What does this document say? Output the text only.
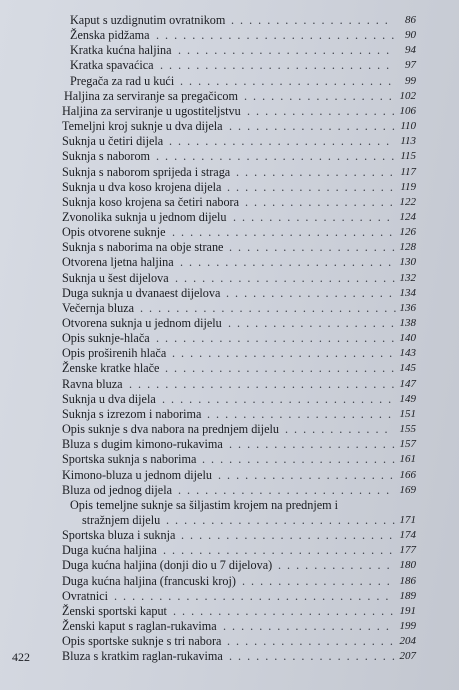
Kaput s uzdignutim ovratnikom ..................	86
Ženska pidžama ........................... 90
Kratka kućna haljina ........................ 94
Kratka spavaćica .......................... 97
Pregača za rad u kući ........................ 99
Haljina za serviranje sa pregačicom ................. 102
Haljina za serviranje u ugostiteljstvu .................
106
Temeljni kroj suknje u dva dijela ................... 110
Suknja u četiri dijela ......................... 113
Suknja s naborom ........................... 115
Suknja s naborom sprijeda i straga .................. 117
Suknja u dva koso krojena dijela ................... 119
Suknja koso krojena sa četiri nabora ................. 122
Zvonolika suknja u jednom dijelu .................. 124
Opis otvorene suknje ......................... 126
Suknja s naborima na obje strane ...................
128
Otvorena ljetna haljina ........................ 130
Suknja u šest dijelova .........................
132
Duga suknja u dvanaest dijelova ................... 134
Večernja bluza .............................
136
Otvorena suknja u jednom dijelu ................... 138
Opis suknje-hlača ........................... 140
Opis proširenih hlača ......................... 143
Ženske kratke hlače .......................... 145
Ravna bluza .............................. 147
Suknja u dva dijela .......................... 149
Suknja s izrezom i naborima ..................... 151
Opis suknje s dva nabora na prednjem dijelu ............ 155
Bluza s dugim kimono-rukavima ...................
157
Sportska suknja s naborima ......................
161
Kimono-bluza u jednom dijelu .................... 166
Bluza od jednog dijela ........................ 169
Opis temeljne suknje sa šiljastim krojem na prednjem i
stražnjem dijelu ..........................
171
Sportska bluza i suknja ........................ 174
Duga kućna haljina .......................... 177
Duga kućna haljina (donji dio u 7 dijelova) ............. 180
Duga kućna haljina (francuski kroj) ................. 186
Ovratnici ............................... 189
Ženski sportski kaput ......................... 191
Ženski kaput s raglan-rukavima ................... 199
Opis sportske suknje s tri nabora ................... 204
Bluza s kratkim raglan-rukavima ...................
207
422
